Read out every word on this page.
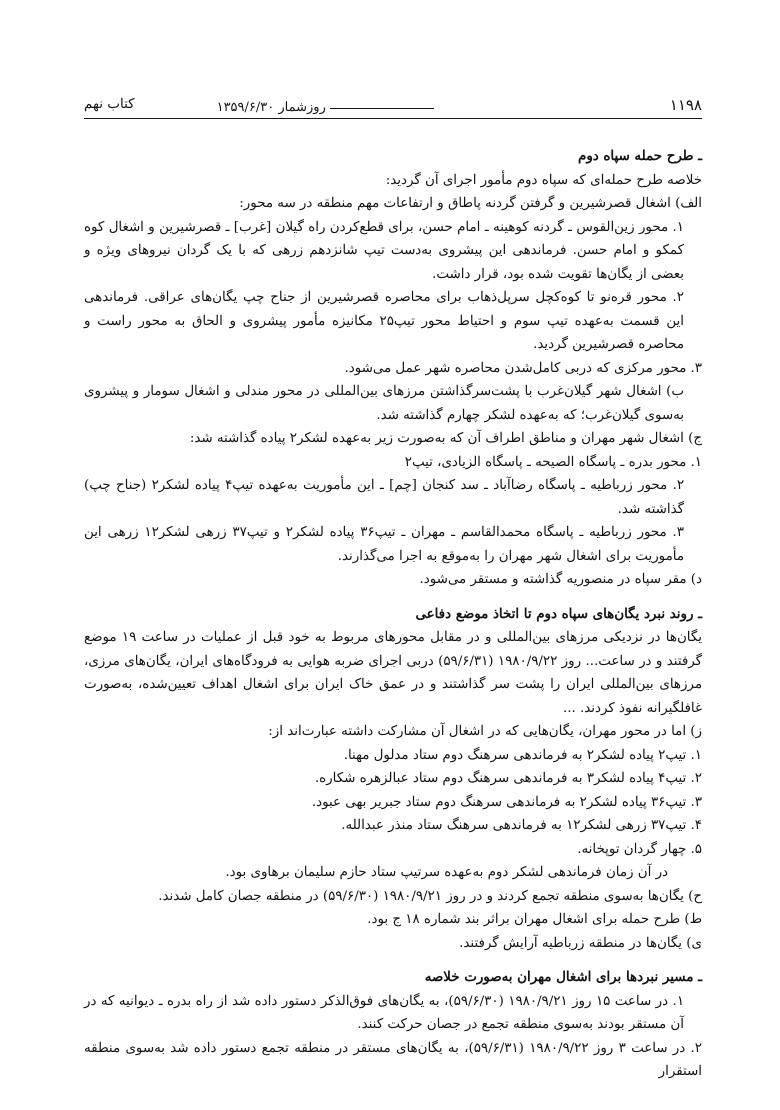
۱۱۹۸
روزشمار ۱۳۵۹/۶/۳۰
کتاب نهم

ـ طرح حمله سپاه دوم

خلاصه طرح حمله‌ای که سپاه دوم مأمور اجرای آن گردید:

الف) اشغال قصرشیرین و گرفتن گردنه پاطاق و ارتفاعات مهم منطقه در سه محور:

۱. محور زین‌القوس ـ گردنه کوهینه ـ امام حسن، برای قطع‌کردن راه گیلان [غرب] ـ قصرشیرین و اشغال کوه کمکو و امام حسن. فرماندهی این پیشروی به‌دست تیپ شانزدهم زرهی که با یک گردان نیروهای ویژه و بعضی از یگان‌ها تقویت شده بود، قرار داشت.

۲. محور قره‌نو تا کوه‌کچل سرپل‌ذهاب برای محاصره قصرشیرین از جناح چپ یگان‌های عراقی. فرماندهی این قسمت به‌عهده تیپ سوم و احتیاط محور تیپ۲۵ مکانیزه مأمور پیشروی و الحاق به محور راست و محاصره قصرشیرین گردید.

۳. محور مرکزی که دربی کامل‌شدن محاصره شهر عمل می‌شود.

ب) اشغال شهر گیلان‌غرب با پشت‌سرگذاشتن مرزهای بین‌المللی در محور مندلی و اشغال سومار و پیشروی به‌سوی گیلان‌غرب؛ که به‌عهده لشکر چهارم گذاشته شد.

ج) اشغال شهر مهران و مناطق اطراف آن که به‌صورت زیر به‌عهده لشکر۲ پیاده گذاشته شد:

۱. محور بدره ـ پاسگاه الصیحه ـ پاسگاه الزیادی، تیپ۲

۲. محور زرباطیه ـ پاسگاه رضاآباد ـ سد کنجان [چم] ـ این مأموریت به‌عهده تیپ۴ پیاده لشکر۲ (جناح چپ) گذاشته شد.

۳. محور زرباطیه ـ پاسگاه محمدالقاسم ـ مهران ـ تیپ۳۶ پیاده لشکر۲ و تیپ۳۷ زرهی لشکر۱۲ زرهی این مأموریت برای اشغال شهر مهران را به‌موقع به اجرا می‌گذارند.

د) مقر سپاه در منصوریه گذاشته و مستقر می‌شود.

ـ روند نبرد یگان‌های سپاه دوم تا اتخاذ موضع دفاعی

یگان‌ها در نزدیکی مرزهای بین‌المللی و در مقابل محورهای مربوط به خود قبل از عملیات در ساعت ۱۹ موضع گرفتند و در ساعت... روز ۱۹۸۰/۹/۲۲ (۵۹/۶/۳۱) دربی اجرای ضربه هوایی به فرودگاه‌های ایران، یگان‌های مرزی، مرزهای بین‌المللی ایران را پشت سر گذاشتند و در عمق خاک ایران برای اشغال اهداف تعیین‌شده، به‌صورت غافلگیرانه نفوذ کردند. ...

ز) اما در محور مهران، یگان‌هایی که در اشغال آن مشارکت داشته عبارت‌اند از:

۱. تیپ۲ پیاده لشکر۲ به فرماندهی سرهنگ دوم ستاد مدلول مهنا.

۲. تیپ۴ پیاده لشکر۳ به فرماندهی سرهنگ دوم ستاد عبالزهره شکاره.

۳. تیپ۳۶ پیاده لشکر۲ به فرماندهی سرهنگ دوم ستاد جبریر بهی عبود.

۴. تیپ۳۷ زرهی لشکر۱۲ به فرماندهی سرهنگ ستاد منذر عبدالله.

۵. چهار گردان توپخانه.

در آن زمان فرماندهی لشکر دوم به‌عهده سرتیپ ستاد حازم سلیمان برهاوی بود.

ح) یگان‌ها به‌سوی منطقه تجمع کردند و در روز ۱۹۸۰/۹/۲۱ (۵۹/۶/۳۰) در منطقه جصان کامل شدند.

ط) طرح حمله برای اشغال مهران براثر بند شماره ۱۸ ج بود.

ی) یگان‌ها در منطقه زرباطیه آرایش گرفتند.

ـ مسیر نبردها برای اشغال مهران به‌صورت خلاصه

۱. در ساعت ۱۵ روز ۱۹۸۰/۹/۲۱ (۵۹/۶/۳۰)، به یگان‌های فوق‌الذکر دستور داده شد از راه بدره ـ دیوانیه که در آن مستقر بودند به‌سوی منطقه تجمع در جصان حرکت کنند.

۲. در ساعت ۳ روز ۱۹۸۰/۹/۲۲ (۵۹/۶/۳۱)، به یگان‌های مستقر در منطقه تجمع دستور داده شد به‌سوی منطقه استقرار
